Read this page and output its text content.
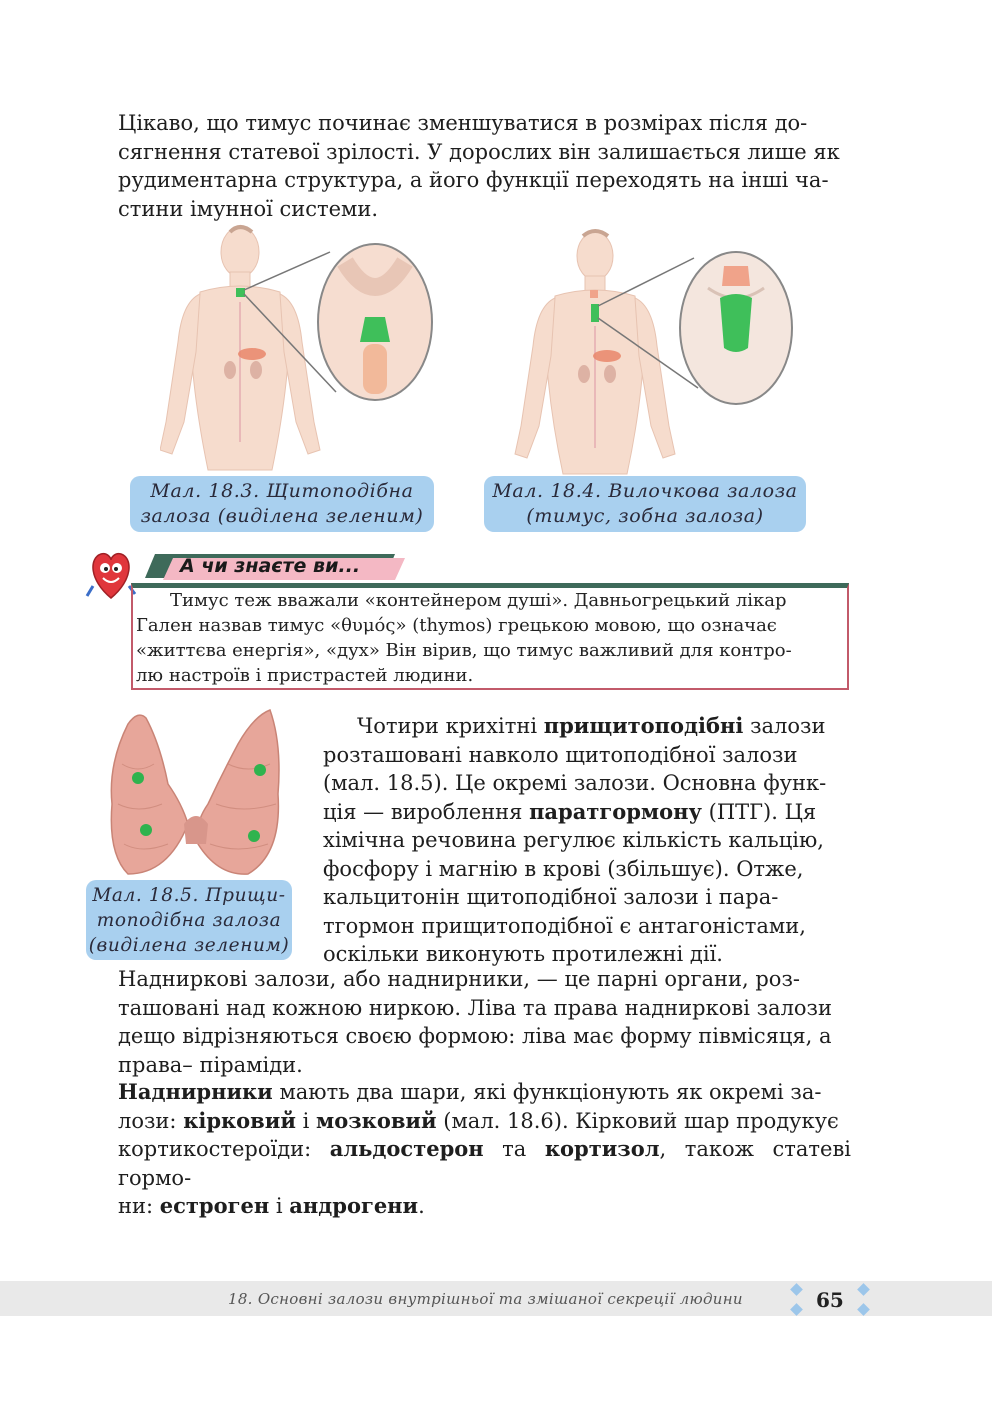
Цікаво, що тимус починає зменшуватися в розмірах після до-
сягнення статевої зрілості. У дорослих він залишається лише як
рудиментарна структура, а його функції переходять на інші ча-
стини імунної системи.
Мал. 18.3. Щитоподібна
залоза (виділена зеленим)
Мал. 18.4. Вилочкова залоза
(тимус, зобна залоза)
А чи знаєте ви...
Тимус теж вважали «контейнером душі». Давньогрецький лікар
Гален назвав тимус «θυμός» (thymos) грецькою мовою, що означає
«життєва енергія», «дух» Він вірив, що тимус важливий для контро-
лю настроїв і пристрастей людини.
Мал. 18.5. Прищи-
топодібна залоза
(виділена зеленим)
Чотири крихітні прищитоподібні залози
розташовані навколо щитоподібної залози
(мал. 18.5). Це окремі залози. Основна функ-
ція — вироблення паратгормону (ПТГ). Ця
хімічна речовина регулює кількість кальцію,
фосфору і магнію в крові (збільшує). Отже,
кальцитонін щитоподібної залози і пара-
тгормон прищитоподібної є антагоністами,
оскільки виконують протилежні дії.
Надниркові залози, або наднирники, — це парні органи, роз-
ташовані над кожною ниркою. Ліва та права надниркові залози
дещо відрізняються своєю формою: ліва має форму півмісяця, а
права– піраміди.
Наднирники мають два шари, які функціонують як окремі за-
лози: кірковий і мозковий (мал. 18.6). Кірковий шар продукує
кортикостероїди: альдостерон та кортизол, також статеві гормо-
ни: естроген і андрогени.
18. Основні залози внутрішньої та змішаної секреції людини	65
